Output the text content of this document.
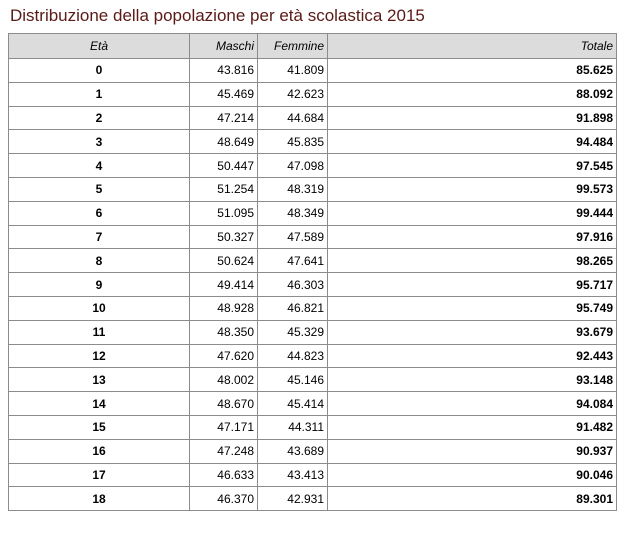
Distribuzione della popolazione per età scolastica 2015
Età	Maschi	Femmine	Totale
0	43.816	41.809	85.625
1	45.469	42.623	88.092
2	47.214	44.684	91.898
3	48.649	45.835	94.484
4	50.447	47.098	97.545
5	51.254	48.319	99.573
6	51.095	48.349	99.444
7	50.327	47.589	97.916
8	50.624	47.641	98.265
9	49.414	46.303	95.717
10	48.928	46.821	95.749
11	48.350	45.329	93.679
12	47.620	44.823	92.443
13	48.002	45.146	93.148
14	48.670	45.414	94.084
15	47.171	44.311	91.482
16	47.248	43.689	90.937
17	46.633	43.413	90.046
18	46.370	42.931	89.301
